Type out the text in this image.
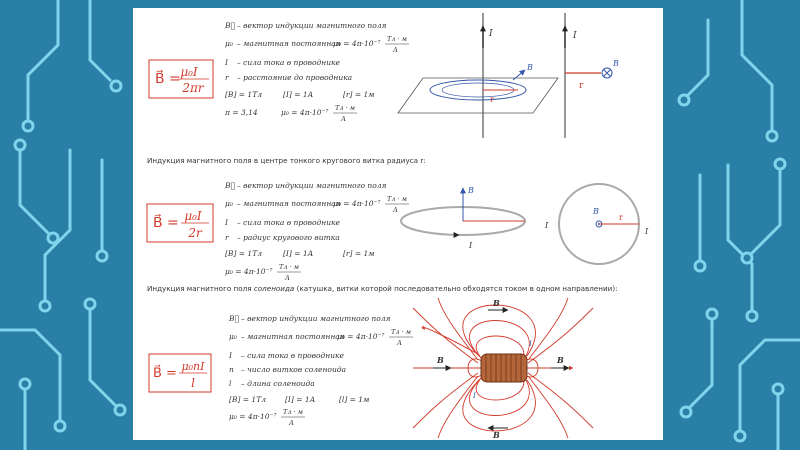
B⃗ = μ₀I
2πr
B⃗ – вектор индукции магнитного поля
μ₀ – магнитная постоянная
μ₀ = 4π·10⁻⁷ Тл · м
А
I – сила тока в проводнике
r – расстояние до проводника
[B] = 1Тл	[I] = 1А	[r] = 1м
π = 3,14	μ₀ = 4π·10⁻⁷ Тл · м
А
I
B
r
I
B
r
Индукция магнитного поля в центре тонкого кругового витка радиуса r:
B⃗ = μ₀I
2r
B⃗ – вектор индукции магнитного поля
μ₀ – магнитная постоянная
μ₀ = 4π·10⁻⁷ Тл · м
А
I – сила тока в проводнике
r – радиус кругового витка
[B] = 1Тл	[I] = 1А	[r] = 1м
μ₀ = 4π·10⁻⁷ Тл · м
А
B
I
B
r
I
I
Индукция магнитного поля соленоида (катушка, витки которой последовательно обходятся током в одном направлении):
B⃗ = μ₀nI
l
B⃗ – вектор индукции магнитного поля
μ₀ – магнитная постоянная
μ₀ = 4π·10⁻⁷ Тл · м
А
I – сила тока в проводнике
n – число витков соленоида
l – длина соленоида
[B] = 1Тл	[I] = 1А	[l] = 1м
μ₀ = 4π·10⁻⁷ Тл · м
А
B
B
B	B
I
I
